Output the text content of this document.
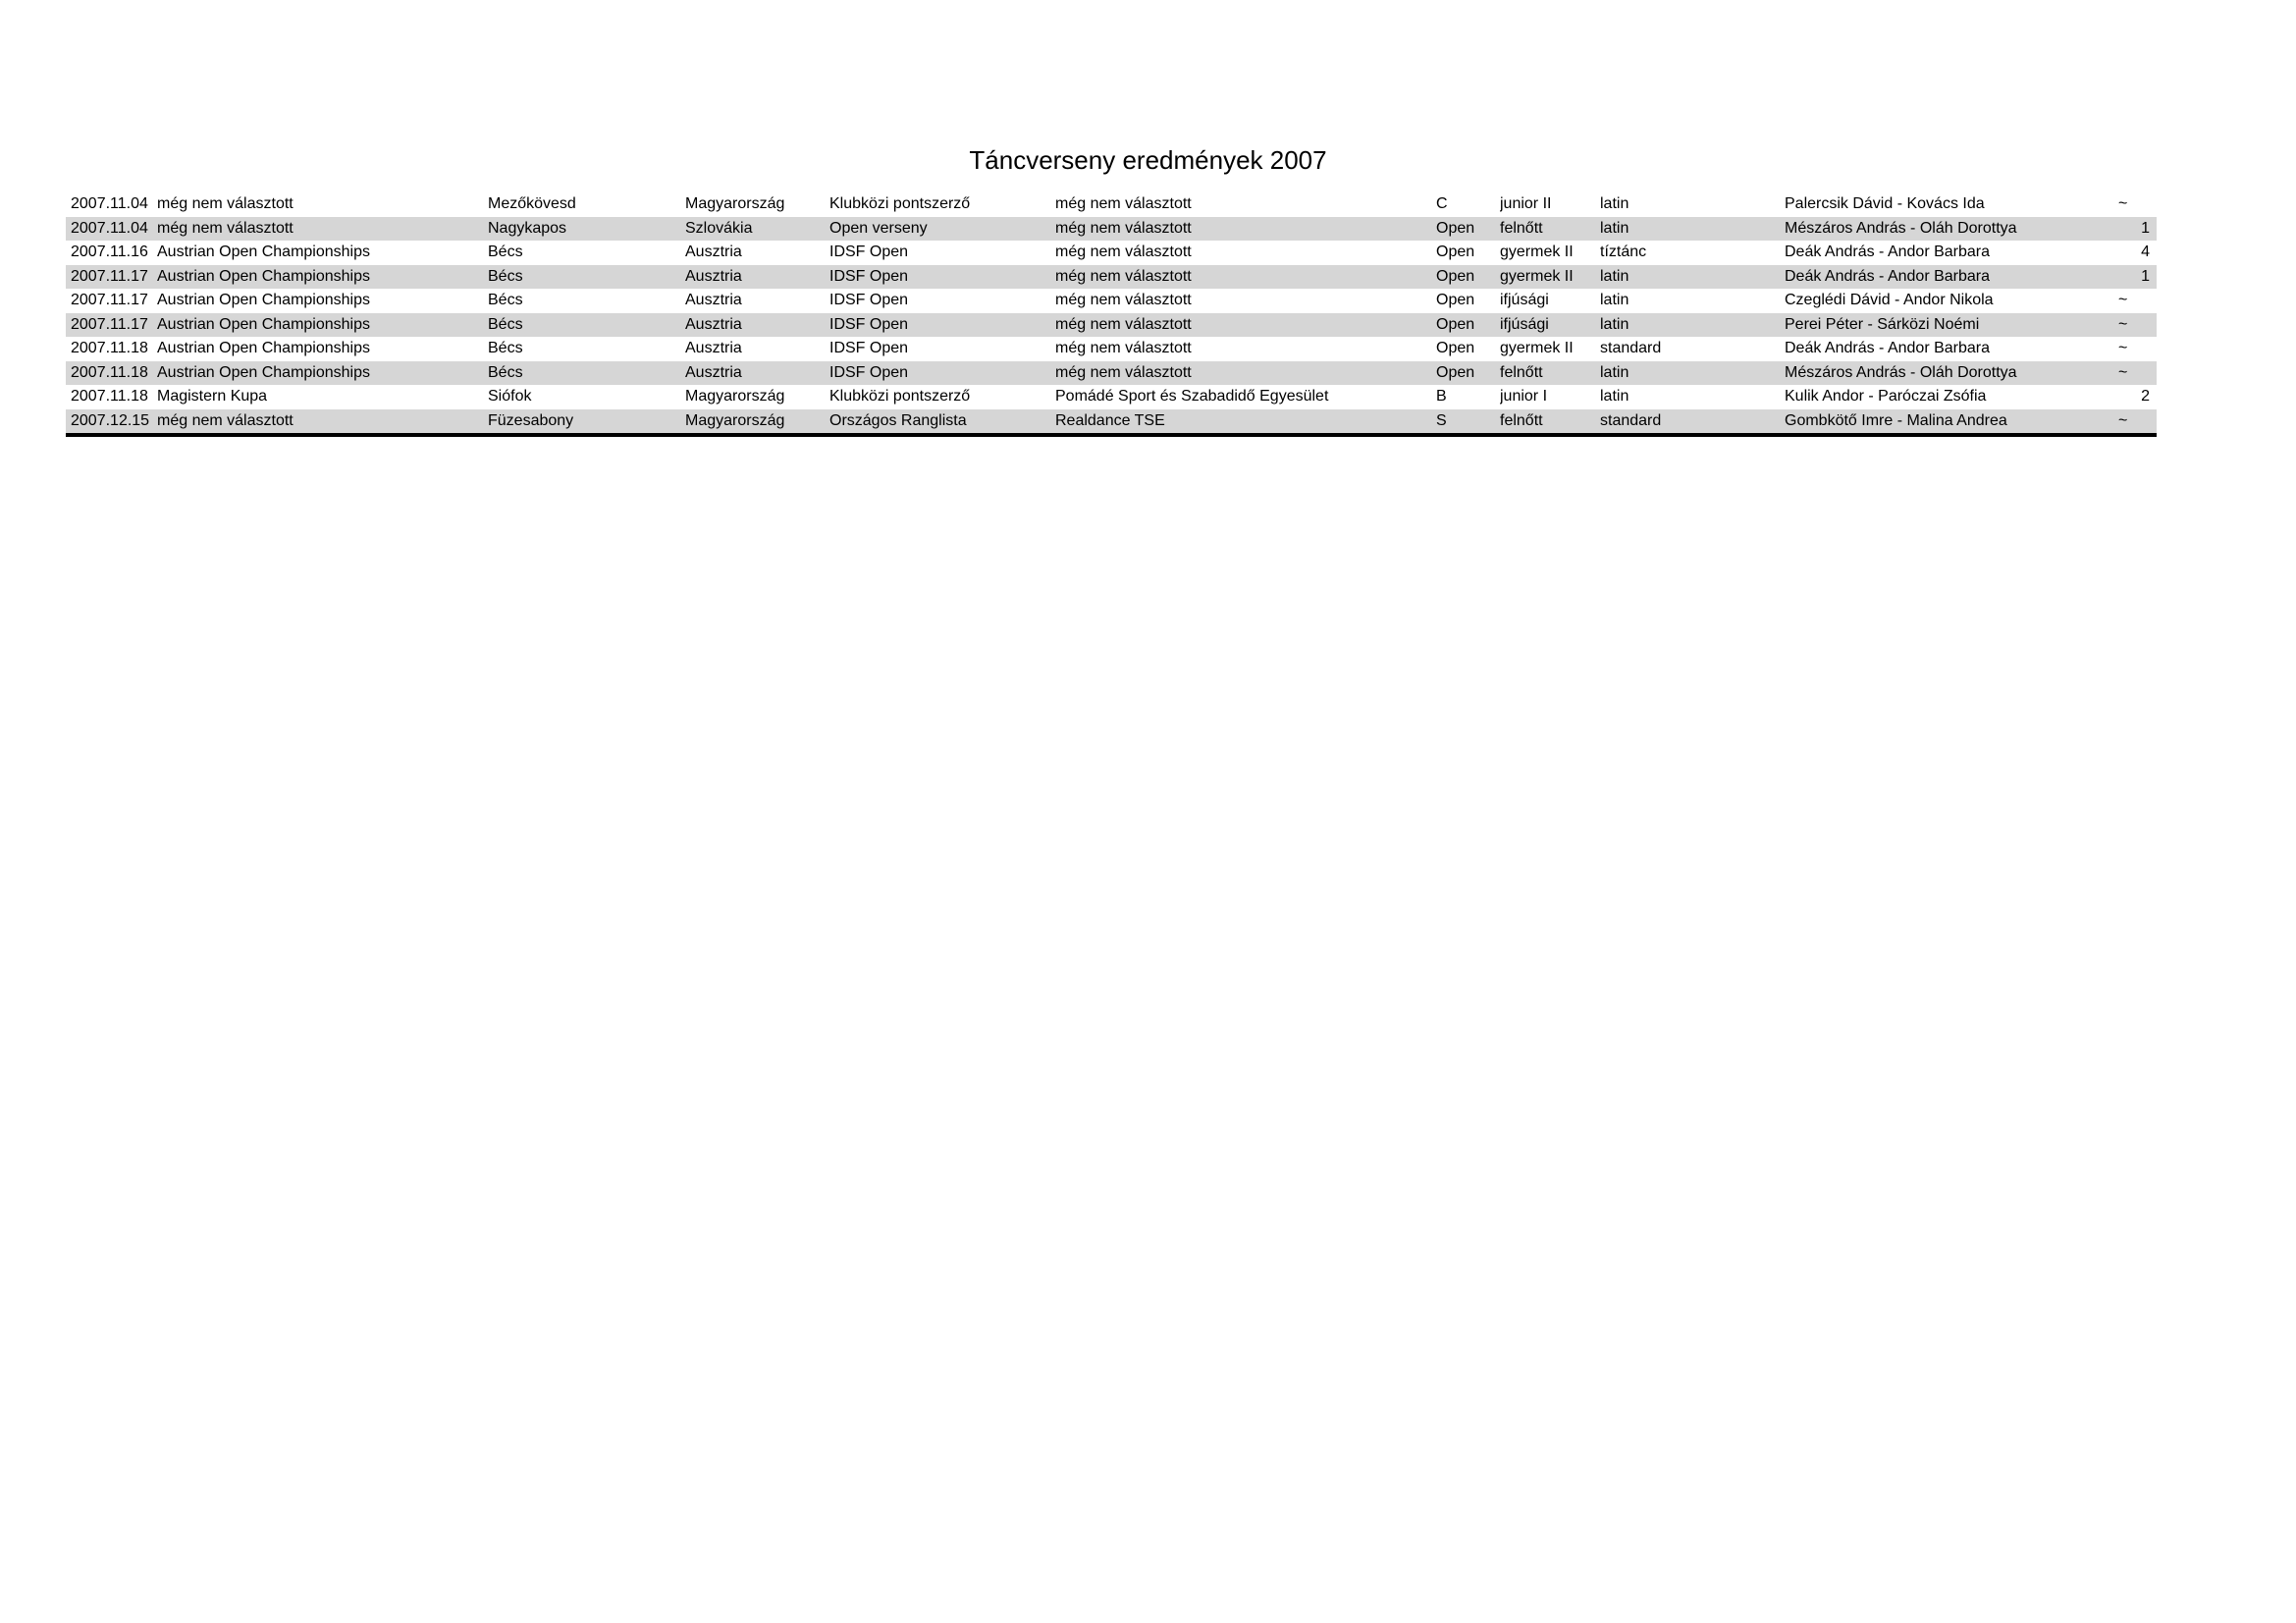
Táncverseny eredmények 2007
2007.11.04 még nem választott	Mezőkövesd	Magyarország	Klubközi pontszerző	még nem választott	C	junior II	latin	Palercsik Dávid - Kovács Ida	~
2007.11.04 még nem választott	Nagykapos	Szlovákia	Open verseny	még nem választott	Open	felnőtt	latin	Mészáros András - Oláh Dorottya	1
2007.11.16 Austrian Open Championships	Bécs	Ausztria	IDSF Open	még nem választott	Open	gyermek II	tíztánc	Deák András - Andor Barbara	4
2007.11.17 Austrian Open Championships	Bécs	Ausztria	IDSF Open	még nem választott	Open	gyermek II	latin	Deák András - Andor Barbara	1
2007.11.17 Austrian Open Championships	Bécs	Ausztria	IDSF Open	még nem választott	Open	ifjúsági	latin	Czeglédi Dávid - Andor Nikola	~
2007.11.17 Austrian Open Championships	Bécs	Ausztria	IDSF Open	még nem választott	Open	ifjúsági	latin	Perei Péter - Sárközi Noémi	~
2007.11.18 Austrian Open Championships	Bécs	Ausztria	IDSF Open	még nem választott	Open	gyermek II	standard	Deák András - Andor Barbara	~
2007.11.18 Austrian Open Championships	Bécs	Ausztria	IDSF Open	még nem választott	Open	felnőtt	latin	Mészáros András - Oláh Dorottya	~
2007.11.18 Magistern Kupa	Siófok	Magyarország	Klubközi pontszerző	Pomádé Sport és Szabadidő Egyesület	B	junior I	latin	Kulik Andor - Paróczai Zsófia	2
2007.12.15 még nem választott	Füzesabony	Magyarország	Országos Ranglista	Realdance TSE	S	felnőtt	standard	Gombkötő Imre - Malina Andrea	~
